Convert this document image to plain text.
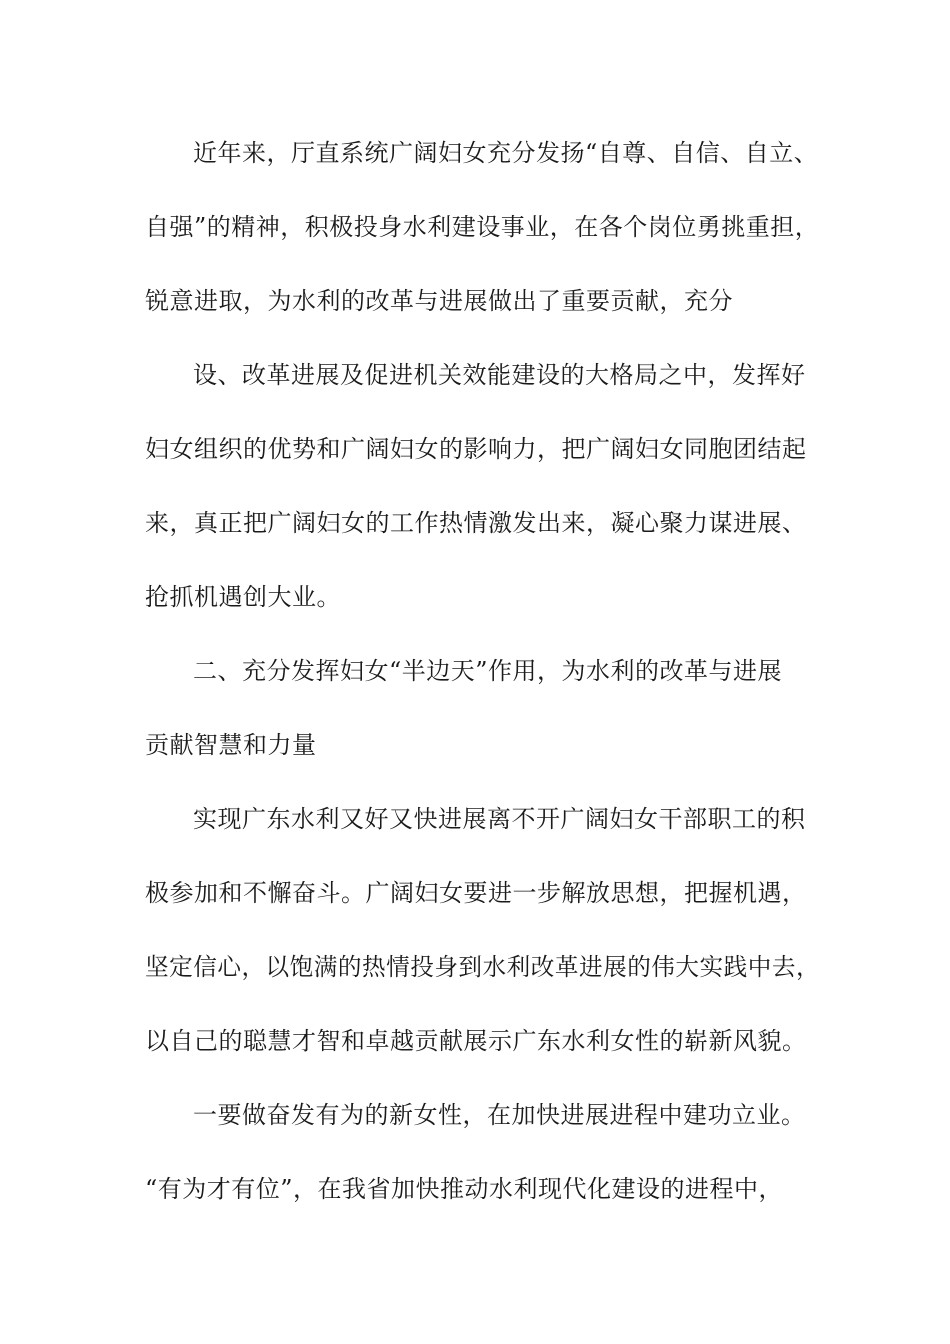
近年来，厅直系统广阔妇女充分发扬“自尊、自信、自立、
自强”的精神，积极投身水利建设事业，在各个岗位勇挑重担，
锐意进取，为水利的改革与进展做出了重要贡献，充分
设、改革进展及促进机关效能建设的大格局之中，发挥好
妇女组织的优势和广阔妇女的影响力，把广阔妇女同胞团结起
来，真正把广阔妇女的工作热情激发出来，凝心聚力谋进展、
抢抓机遇创大业。
二、充分发挥妇女“半边天”作用，为水利的改革与进展
贡献智慧和力量
实现广东水利又好又快进展离不开广阔妇女干部职工的积
极参加和不懈奋斗。广阔妇女要进一步解放思想，把握机遇，
坚定信心，以饱满的热情投身到水利改革进展的伟大实践中去，
以自己的聪慧才智和卓越贡献展示广东水利女性的崭新风貌。
一要做奋发有为的新女性，在加快进展进程中建功立业。
“有为才有位”，在我省加快推动水利现代化建设的进程中，
